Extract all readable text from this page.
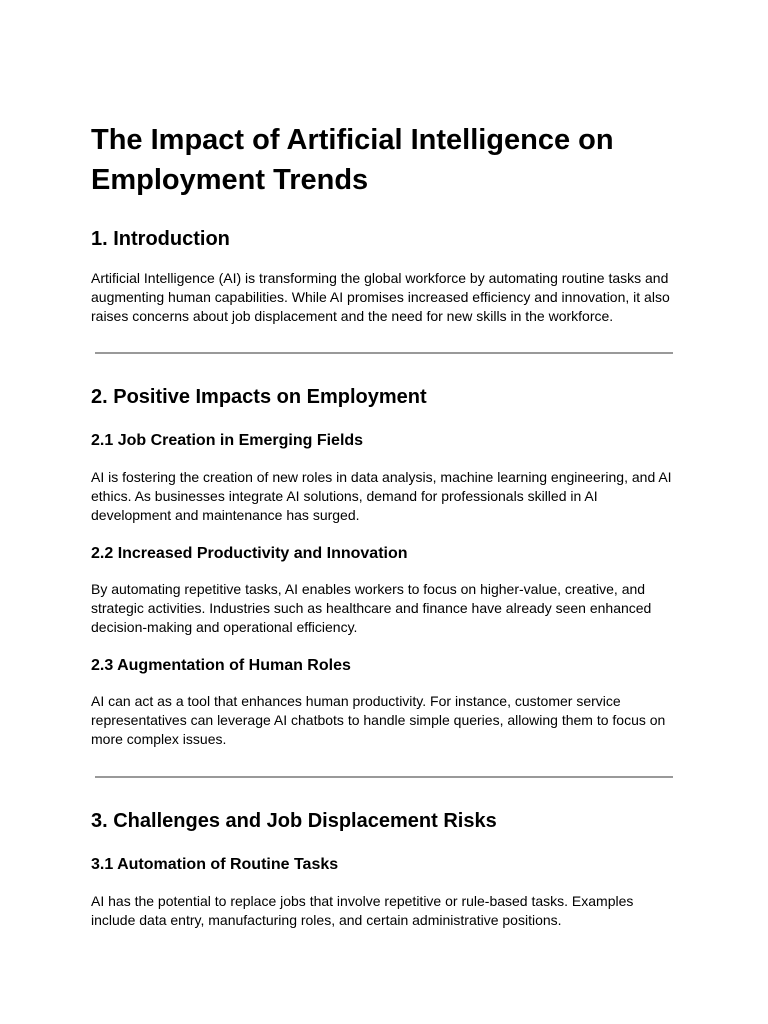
The Impact of Artificial Intelligence on Employment Trends
1. Introduction

Artificial Intelligence (AI) is transforming the global workforce by automating routine tasks and augmenting human capabilities. While AI promises increased efficiency and innovation, it also raises concerns about job displacement and the need for new skills in the workforce.

2. Positive Impacts on Employment
2.1 Job Creation in Emerging Fields

AI is fostering the creation of new roles in data analysis, machine learning engineering, and AI ethics. As businesses integrate AI solutions, demand for professionals skilled in AI development and maintenance has surged.

2.2 Increased Productivity and Innovation

By automating repetitive tasks, AI enables workers to focus on higher-value, creative, and strategic activities. Industries such as healthcare and finance have already seen enhanced decision-making and operational efficiency.

2.3 Augmentation of Human Roles

AI can act as a tool that enhances human productivity. For instance, customer service representatives can leverage AI chatbots to handle simple queries, allowing them to focus on more complex issues.

3. Challenges and Job Displacement Risks
3.1 Automation of Routine Tasks

AI has the potential to replace jobs that involve repetitive or rule-based tasks. Examples include data entry, manufacturing roles, and certain administrative positions.
